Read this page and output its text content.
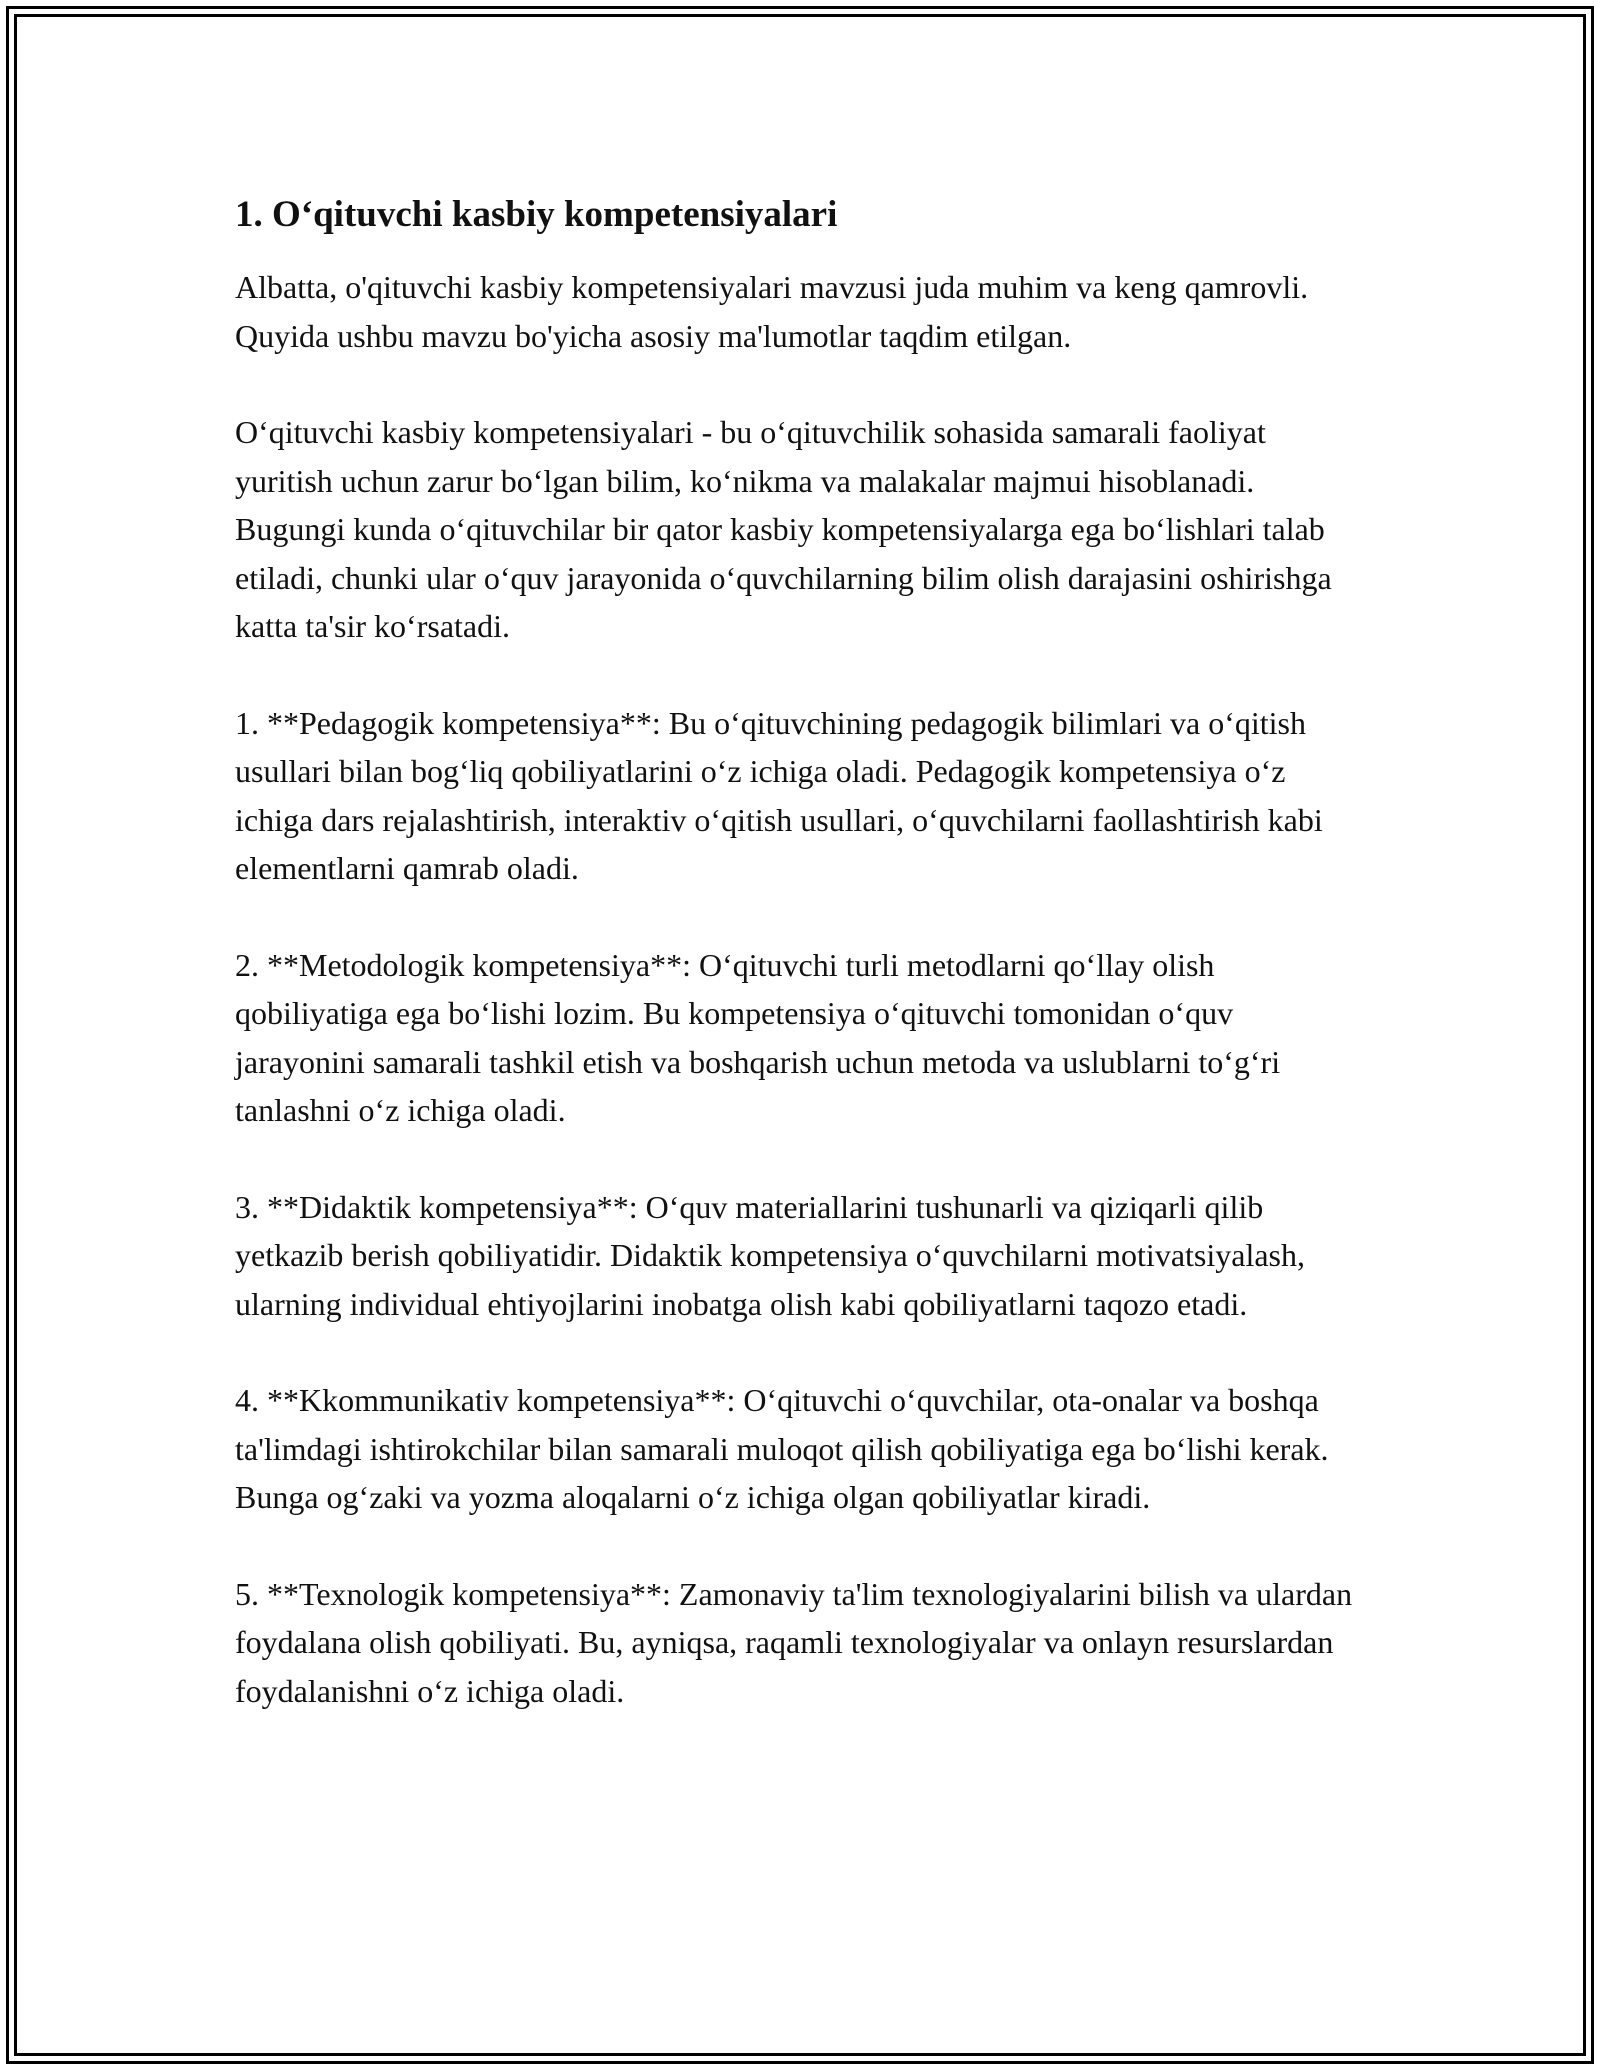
1. O‘qituvchi kasbiy kompetensiyalari

Albatta, o'qituvchi kasbiy kompetensiyalari mavzusi juda muhim va keng qamrovli. Quyida ushbu mavzu bo'yicha asosiy ma'lumotlar taqdim etilgan.

O‘qituvchi kasbiy kompetensiyalari - bu o‘qituvchilik sohasida samarali faoliyat yuritish uchun zarur bo‘lgan bilim, ko‘nikma va malakalar majmui hisoblanadi. Bugungi kunda o‘qituvchilar bir qator kasbiy kompetensiyalarga ega bo‘lishlari talab etiladi, chunki ular o‘quv jarayonida o‘quvchilarning bilim olish darajasini oshirishga katta ta'sir ko‘rsatadi.

1. **Pedagogik kompetensiya**: Bu o‘qituvchining pedagogik bilimlari va o‘qitish usullari bilan bog‘liq qobiliyatlarini o‘z ichiga oladi. Pedagogik kompetensiya o‘z ichiga dars rejalashtirish, interaktiv o‘qitish usullari, o‘quvchilarni faollashtirish kabi elementlarni qamrab oladi.

2. **Metodologik kompetensiya**: O‘qituvchi turli metodlarni qo‘llay olish qobiliyatiga ega bo‘lishi lozim. Bu kompetensiya o‘qituvchi tomonidan o‘quv jarayonini samarali tashkil etish va boshqarish uchun metoda va uslublarni to‘g‘ri tanlashni o‘z ichiga oladi.

3. **Didaktik kompetensiya**: O‘quv materiallarini tushunarli va qiziqarli qilib yetkazib berish qobiliyatidir. Didaktik kompetensiya o‘quvchilarni motivatsiyalash, ularning individual ehtiyojlarini inobatga olish kabi qobiliyatlarni taqozo etadi.

4. **Kkommunikativ kompetensiya**: O‘qituvchi o‘quvchilar, ota-onalar va boshqa ta'limdagi ishtirokchilar bilan samarali muloqot qilish qobiliyatiga ega bo‘lishi kerak. Bunga og‘zaki va yozma aloqalarni o‘z ichiga olgan qobiliyatlar kiradi.

5. **Texnologik kompetensiya**: Zamonaviy ta'lim texnologiyalarini bilish va ulardan foydalana olish qobiliyati. Bu, ayniqsa, raqamli texnologiyalar va onlayn resurslardan foydalanishni o‘z ichiga oladi.
